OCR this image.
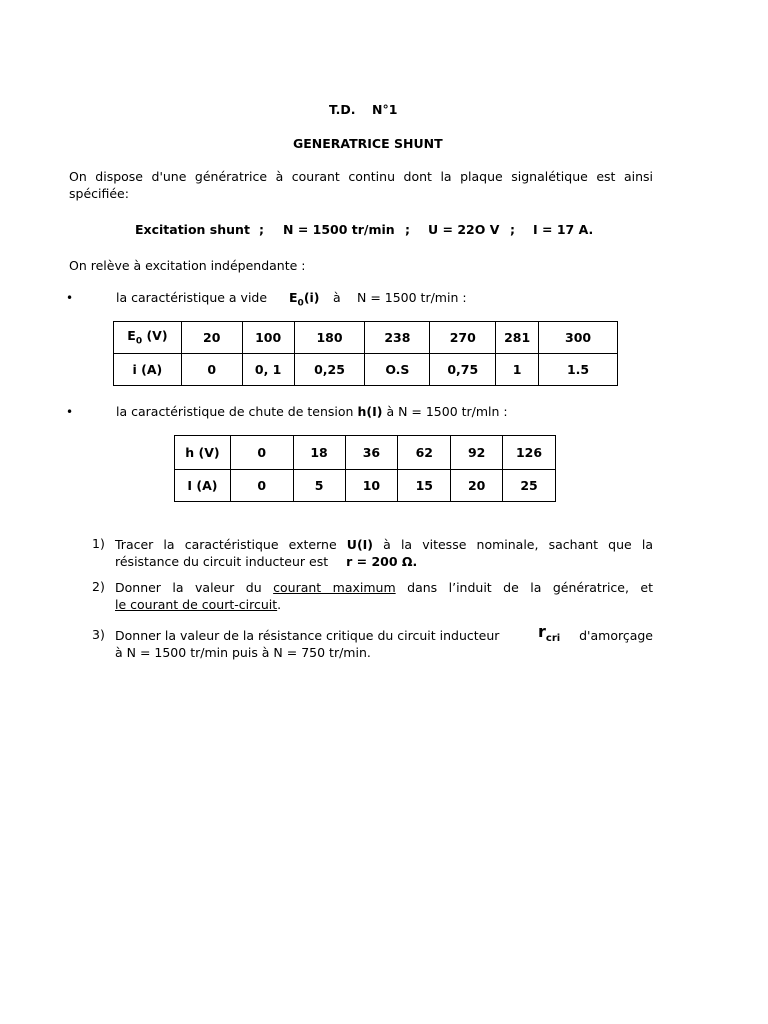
T.D. N°1
GENERATRICE SHUNT
On dispose d'une génératrice à courant continu dont la plaque signalétique est ainsi
spécifiée:
Excitation shunt ; N = 1500 tr/min ; U = 22O V ; I = 17 A.
On relève à excitation indépendante :
•	la caractéristique a vide $E_0(i)$ à N = 1500 tr/min :
$E_0$ (V)	20	100	180	238	270	281	300
i (A)	0	0, 1	0,25	O.S	0,75	1	1.5
•	la caractéristique de chute de tension h(I) à N = 1500 tr/mln :
h (V)	0	18	36	62	92	126
I (A)	0	5	10	15	20	25
1) Tracer la caractéristique externe U(I) à la vitesse nominale, sachant que la
résistance du circuit inducteur est r = 200 Ω.
2) Donner la valeur du courant maximum dans l’induit de la génératrice, et
le courant de court-circuit.
3) Donner la valeur de la résistance critique du circuit inducteur $r_{cri}$ d'amorçage
à N = 1500 tr/min puis à N = 750 tr/min.
